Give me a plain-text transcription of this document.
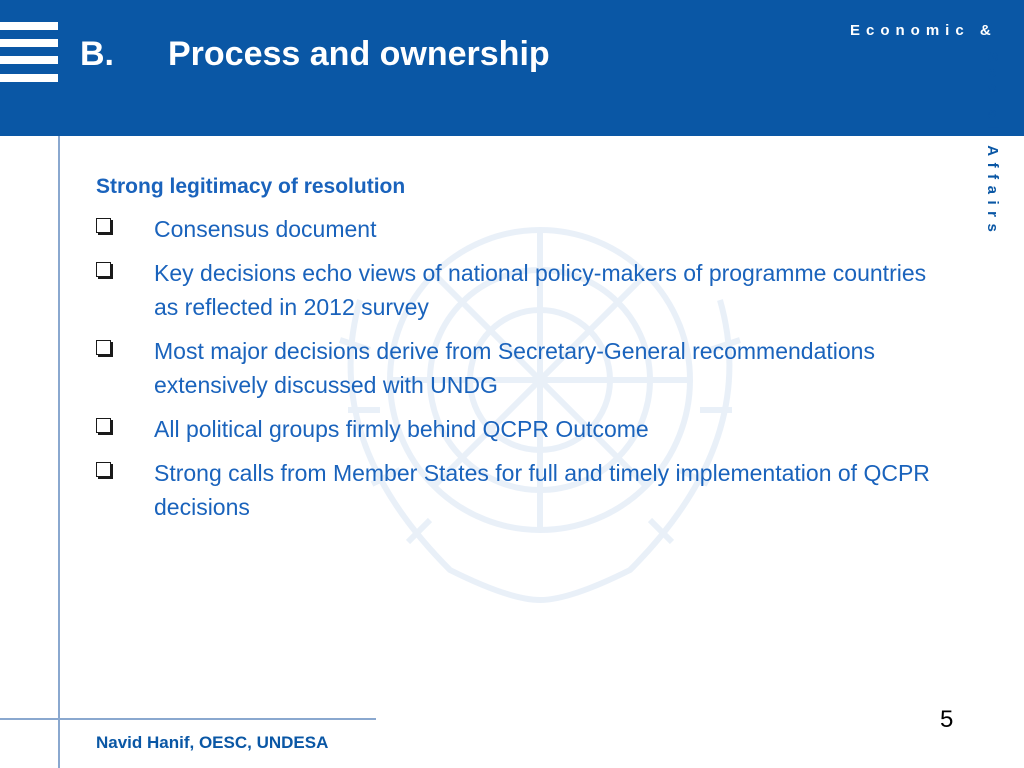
B. Process and ownership
Economic &
Social Affairs
Strong legitimacy of resolution
Consensus document
Key decisions echo views of national policy-makers of programme countries as reflected in 2012 survey
Most major decisions derive from Secretary-General recommendations extensively discussed with UNDG
All political groups firmly behind QCPR Outcome
Strong calls from Member States for full and timely implementation of QCPR decisions
Navid Hanif, OESC, UNDESA
5
